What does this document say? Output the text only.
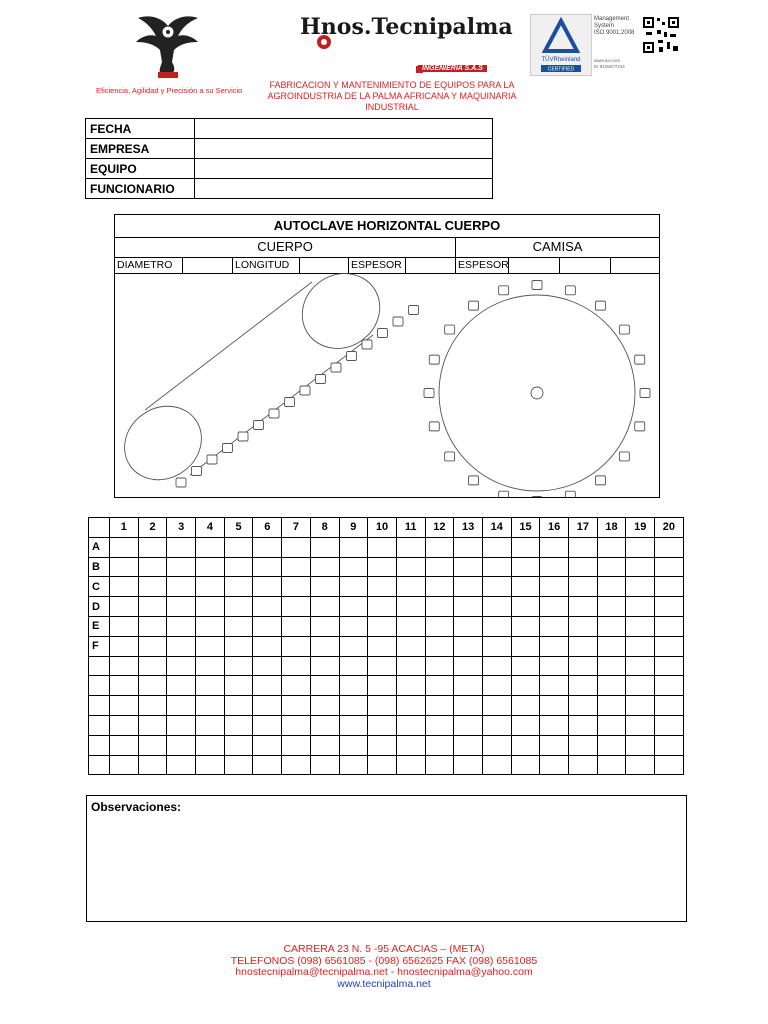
Eficiencia, Agilidad y Precisión a su Servicio
Hnos.Tecnipalma
INGENIERIA S.A.S
FABRICACION Y MANTENIMIENTO DE EQUIPOS PARA LA AGROINDUSTRIA DE LA PALMA AFRICANA Y MAQUINARIA INDUSTRIAL
TÜVRheinland
CERTIFIED
Management
System
ISO 9001:2008
www.tuv.com
ID 9105077244
FECHA	
EMPRESA	
EQUIPO	
FUNCIONARIO	
AUTOCLAVE HORIZONTAL CUERPO
CUERPO	CAMISA
DIAMETRO	LONGITUD	ESPESOR	ESPESOR
	1	2	3	4	5	6	7	8	9	10	11	12	13	14	15	16	17	18	19	20
A																				
B																				
C																				
D																				
E																				
F																				

Observaciones:
CARRERA 23 N. 5 -95 ACACIAS – (META)
TELEFONOS (098) 6561085 - (098) 6562625 FAX (098) 6561085
hnostecnipalma@tecnipalma.net - hnostecnipalma@yahoo.com
www.tecnipalma.net
